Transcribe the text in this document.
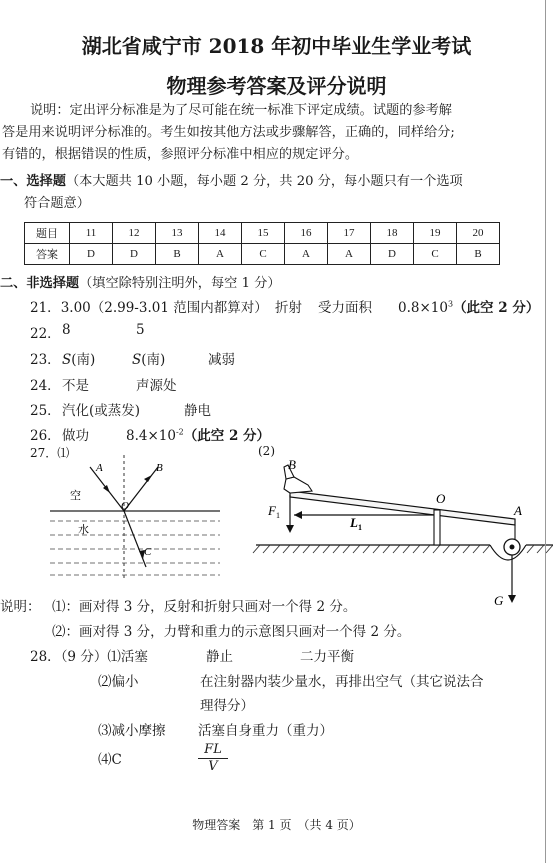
湖北省咸宁市 2018 年初中毕业生学业考试
物理参考答案及评分说明
说明：定出评分标准是为了尽可能在统一标准下评定成绩。试题的参考解
答是用来说明评分标准的。考生如按其他方法或步骤解答，正确的，同样给分;
有错的，根据错误的性质，参照评分标准中相应的规定评分。
一、选择题（本大题共 10 小题，每小题 2 分，共 20 分，每小题只有一个选项
符合题意）
题目	11	12	13	14	15	16	17	18	19	20
答案	D	D	B	A	C	A	A	D	C	B
二、非选择题（填空除特别注明外，每空 1 分）
21．3.00（2.99-3.01 范围内都算对） 折射 受力面积 $0.8\times 10^3$（此空 2 分）
22． 8	5
23． S(南)	S(南)	减弱
24． 不是	声源处
25． 汽化(或蒸发)	静电
26． 做功	$8.4\times 10^{-2}$（此空 2 分）
27．⑴	(2)
A	B
O
C
空
水
B
O
A
$F_1$	$L_1$
G
说明： ⑴：画对得 3 分，反射和折射只画对一个得 2 分。
⑵：画对得 3 分，力臂和重力的示意图只画对一个得 2 分。
28．（9 分）⑴活塞	静止	二力平衡
⑵偏小	在注射器内装少量水，再排出空气（其它说法合
理得分）
⑶减小摩擦 活塞自身重力（重力）
⑷C	$\frac{FL}{V}$
物理答案　第 1 页　（共 4 页）
